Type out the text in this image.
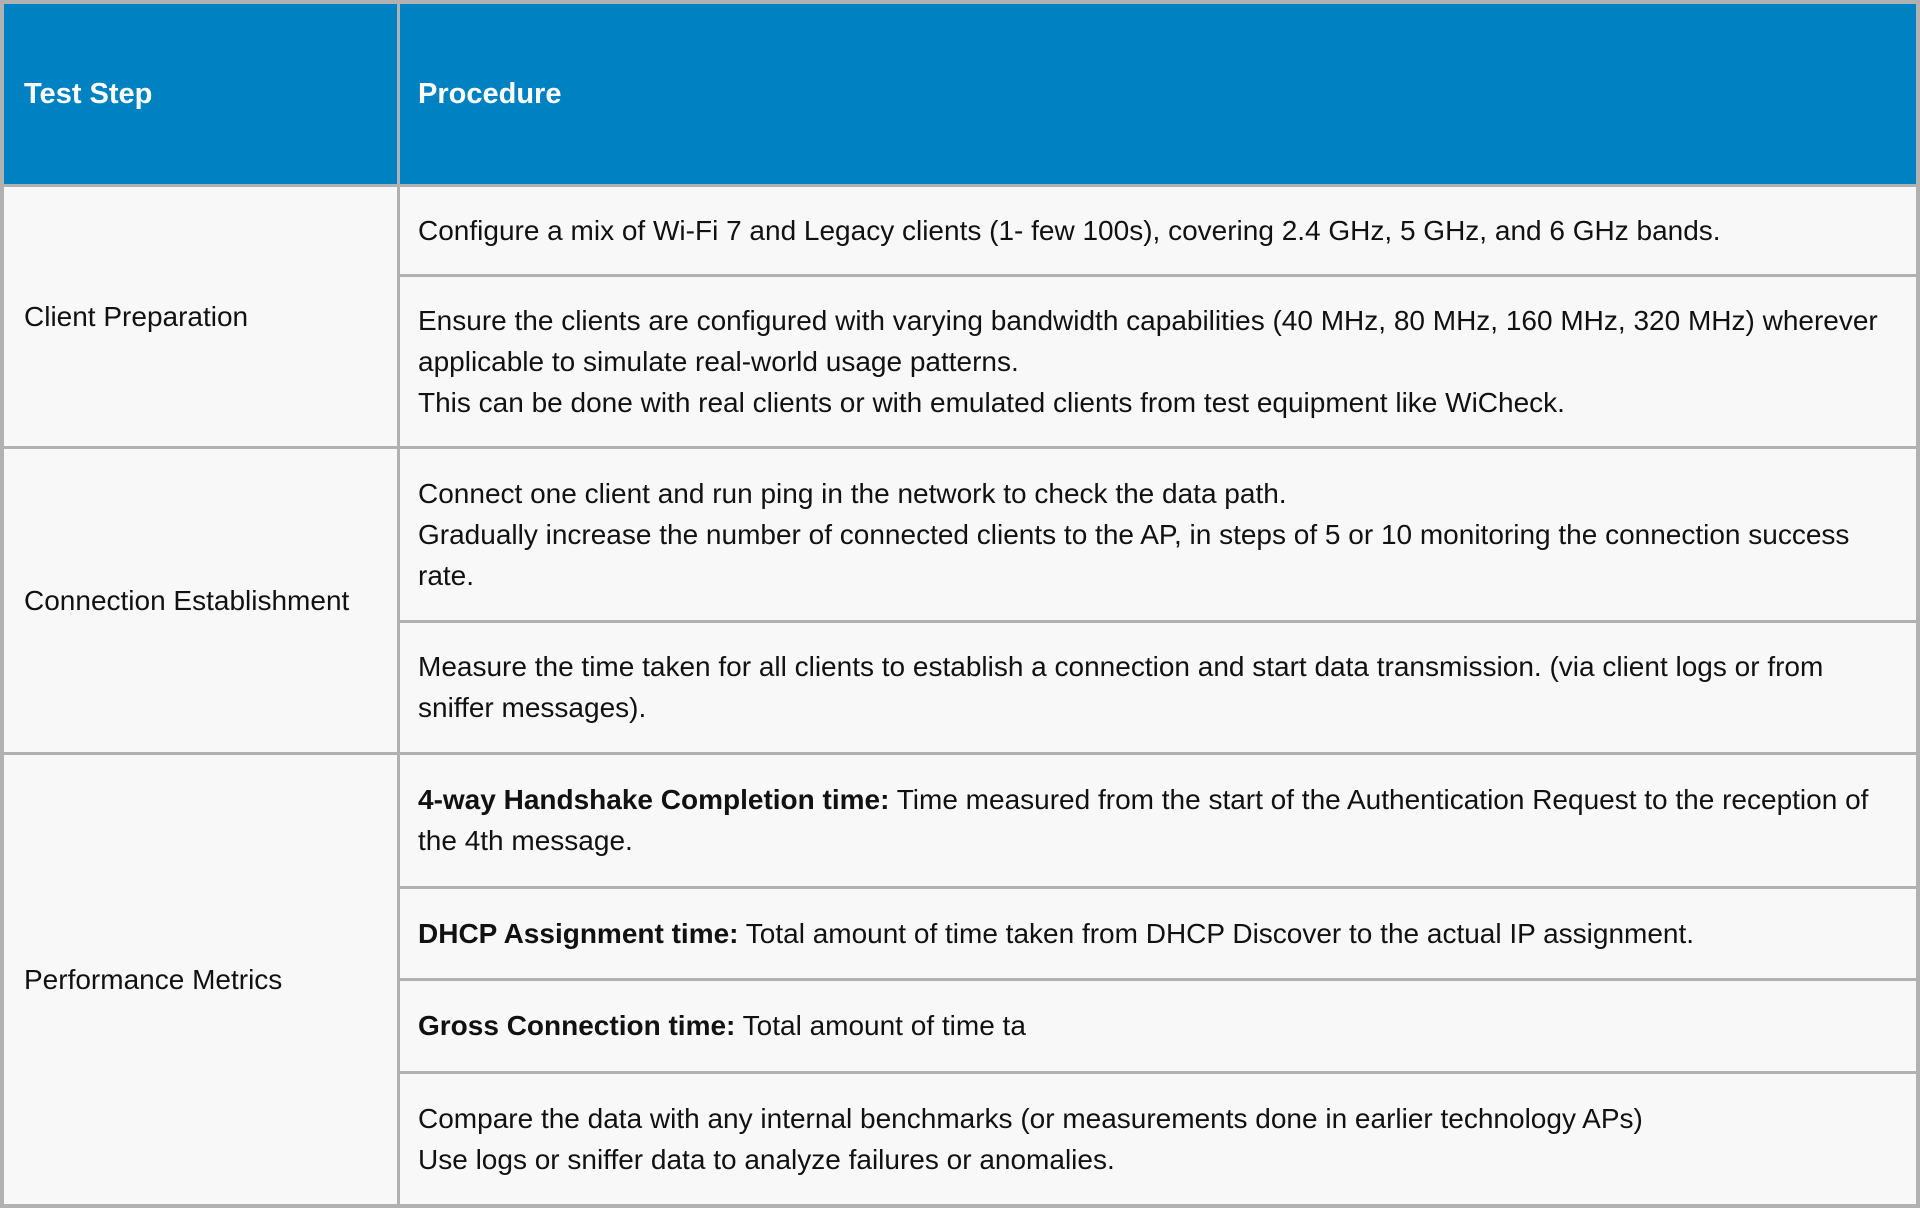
Test Step	Procedure
Client Preparation
Configure a mix of Wi-Fi 7 and Legacy clients (1- few 100s), covering 2.4 GHz, 5 GHz, and 6 GHz bands.
Ensure the clients are configured with varying bandwidth capabilities (40 MHz, 80 MHz, 160 MHz, 320 MHz) wherever applicable to simulate real-world usage patterns.
This can be done with real clients or with emulated clients from test equipment like WiCheck.
Connection Establishment
Connect one client and run ping in the network to check the data path.
Gradually increase the number of connected clients to the AP, in steps of 5 or 10 monitoring the connection success rate.
Measure the time taken for all clients to establish a connection and start data transmission. (via client logs or from sniffer messages).
Performance Metrics
4-way Handshake Completion time: Time measured from the start of the Authentication Request to the reception of the 4th message.
DHCP Assignment time: Total amount of time taken from DHCP Discover to the actual IP assignment.
Gross Connection time: Total amount of time ta
Compare the data with any internal benchmarks (or measurements done in earlier technology APs)
Use logs or sniffer data to analyze failures or anomalies.
